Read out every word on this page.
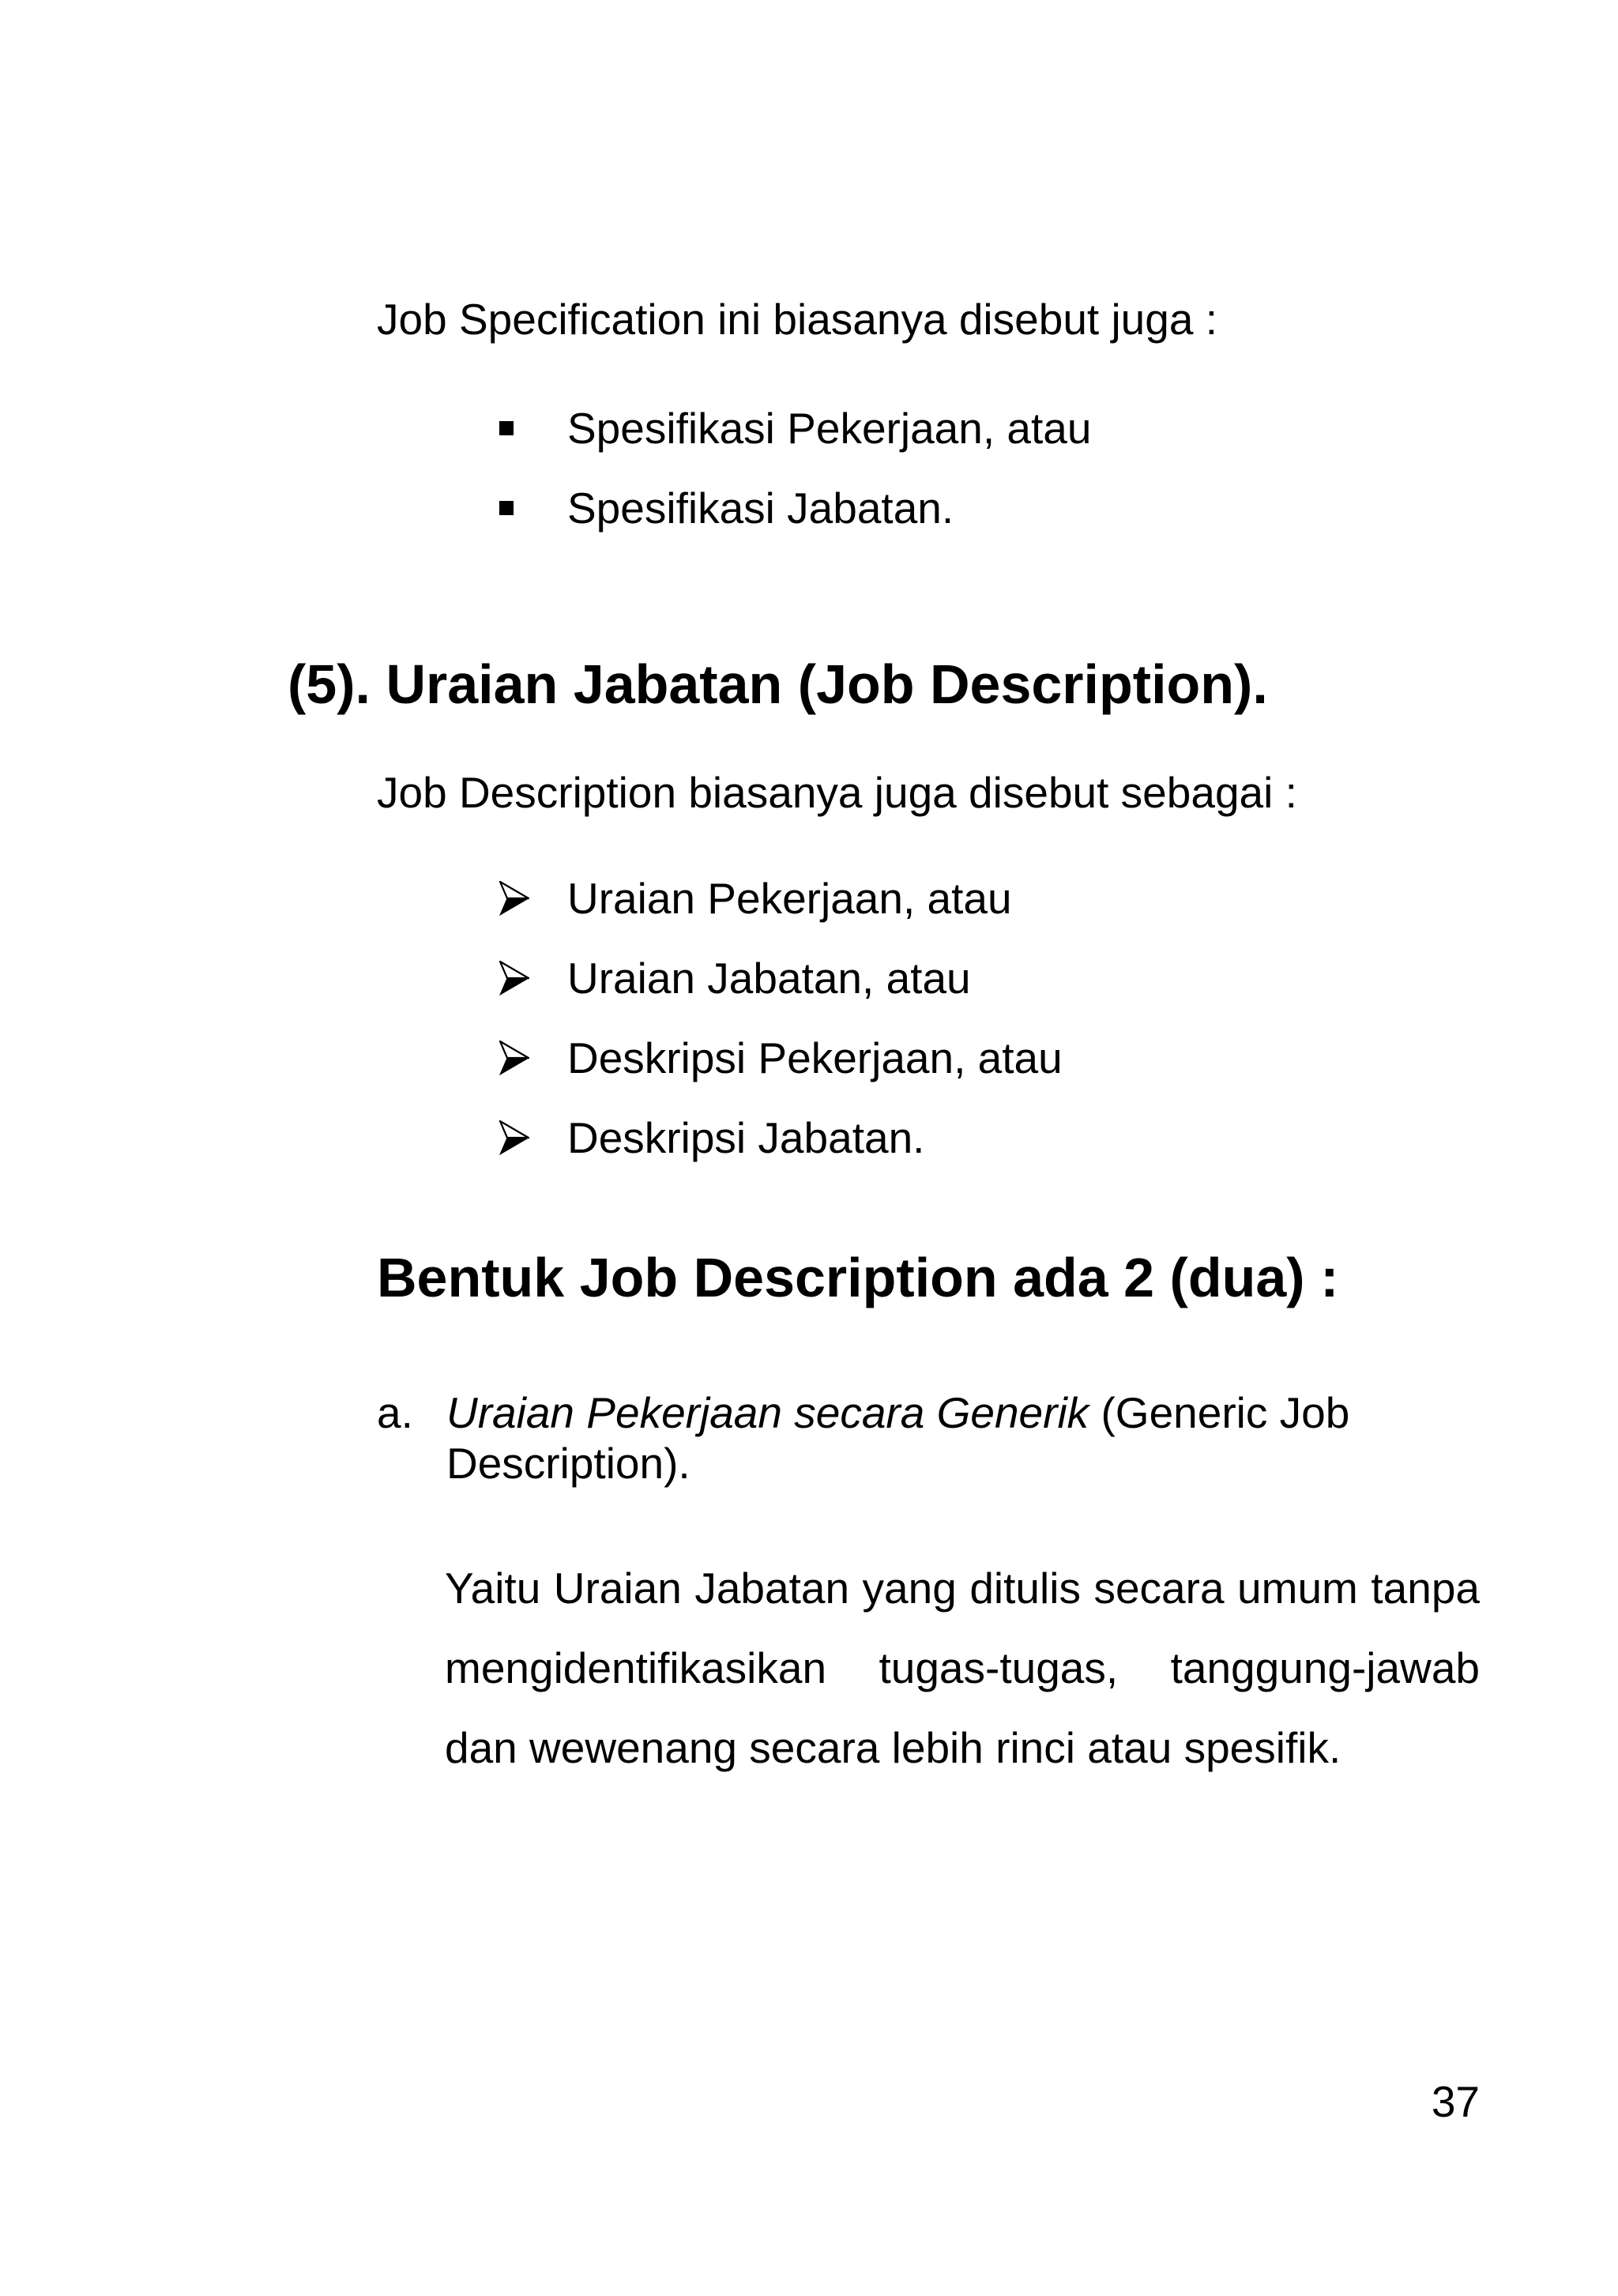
Job Specification ini biasanya disebut juga :
Spesifikasi Pekerjaan, atau
Spesifikasi Jabatan.
(5). Uraian Jabatan (Job Description).
Job Description biasanya juga disebut sebagai :
Uraian Pekerjaan, atau
Uraian Jabatan, atau
Deskripsi Pekerjaan, atau
Deskripsi Jabatan.
Bentuk Job Description ada 2 (dua) :
a. Uraian Pekerjaan secara Generik (Generic Job Description).
Yaitu Uraian Jabatan yang ditulis secara umum tanpa mengidentifikasikan tugas-tugas, tanggung-jawab dan wewenang secara lebih rinci atau spesifik.
37
